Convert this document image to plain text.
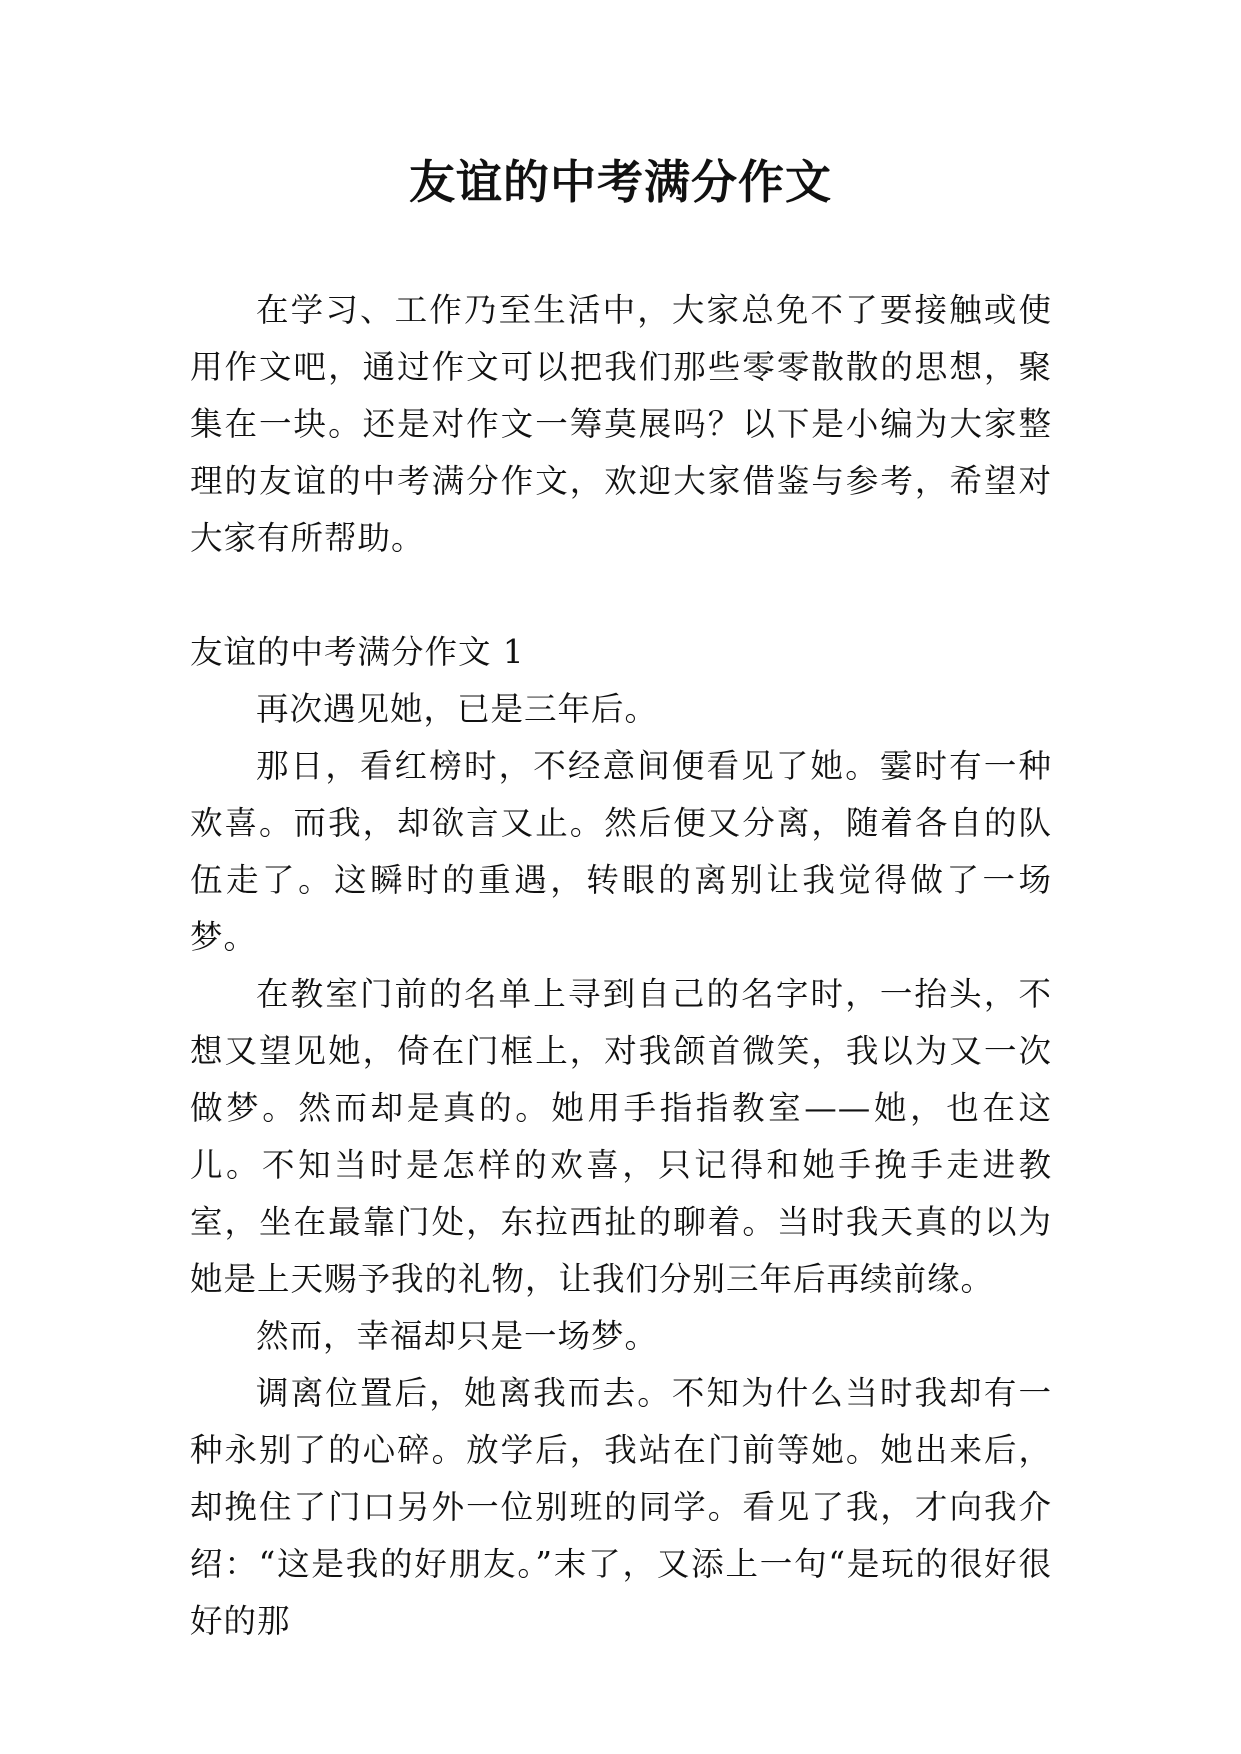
友谊的中考满分作文

在学习、工作乃至生活中，大家总免不了要接触或使用作文吧，通过作文可以把我们那些零零散散的思想，聚集在一块。还是对作文一筹莫展吗？以下是小编为大家整理的友谊的中考满分作文，欢迎大家借鉴与参考，希望对大家有所帮助。

友谊的中考满分作文 1

再次遇见她，已是三年后。

那日，看红榜时，不经意间便看见了她。霎时有一种欢喜。而我，却欲言又止。然后便又分离，随着各自的队伍走了。这瞬时的重遇，转眼的离别让我觉得做了一场梦。

在教室门前的名单上寻到自己的名字时，一抬头，不想又望见她，倚在门框上，对我颌首微笑，我以为又一次做梦。然而却是真的。她用手指指教室——她，也在这儿。不知当时是怎样的欢喜，只记得和她手挽手走进教室，坐在最靠门处，东拉西扯的聊着。当时我天真的以为她是上天赐予我的礼物，让我们分别三年后再续前缘。

然而，幸福却只是一场梦。

调离位置后，她离我而去。不知为什么当时我却有一种永别了的心碎。放学后，我站在门前等她。她出来后，却挽住了门口另外一位别班的同学。看见了我，才向我介绍：“这是我的好朋友。”末了，又添上一句“是玩的很好很好的那
